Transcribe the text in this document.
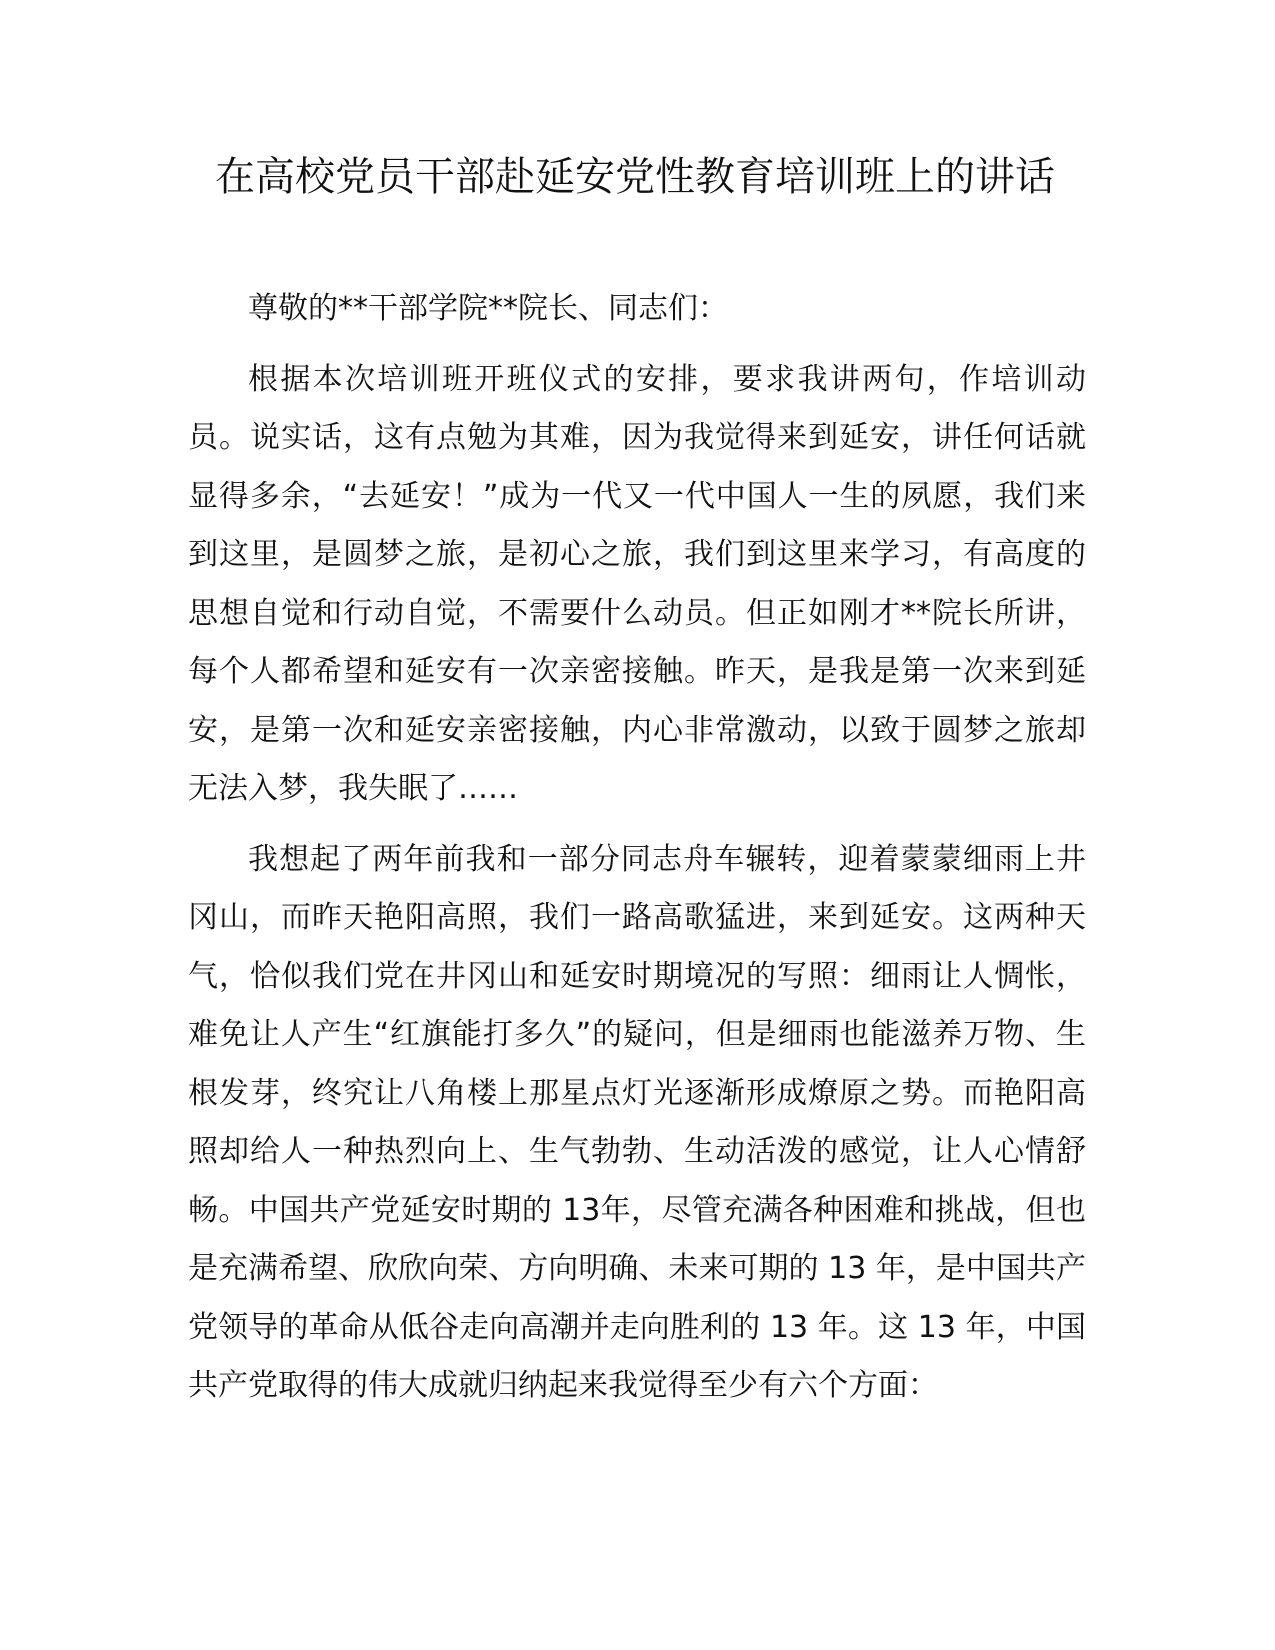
在高校党员干部赴延安党性教育培训班上的讲话

尊敬的**干部学院**院长、同志们：

根据本次培训班开班仪式的安排，要求我讲两句，作培训动员。说实话，这有点勉为其难，因为我觉得来到延安，讲任何话就显得多余，“去延安！”成为一代又一代中国人一生的夙愿，我们来到这里，是圆梦之旅，是初心之旅，我们到这里来学习，有高度的思想自觉和行动自觉，不需要什么动员。但正如刚才**院长所讲，每个人都希望和延安有一次亲密接触。昨天，是我是第一次来到延安，是第一次和延安亲密接触，内心非常激动，以致于圆梦之旅却无法入梦，我失眠了……

我想起了两年前我和一部分同志舟车辗转，迎着蒙蒙细雨上井冈山，而昨天艳阳高照，我们一路高歌猛进，来到延安。这两种天气，恰似我们党在井冈山和延安时期境况的写照：细雨让人惆怅，难免让人产生“红旗能打多久”的疑问，但是细雨也能滋养万物、生根发芽，终究让八角楼上那星点灯光逐渐形成燎原之势。而艳阳高照却给人一种热烈向上、生气勃勃、生动活泼的感觉，让人心情舒畅。中国共产党延安时期的 13年，尽管充满各种困难和挑战，但也是充满希望、欣欣向荣、方向明确、未来可期的 13 年，是中国共产党领导的革命从低谷走向高潮并走向胜利的 13 年。这 13 年，中国共产党取得的伟大成就归纳起来我觉得至少有六个方面：
